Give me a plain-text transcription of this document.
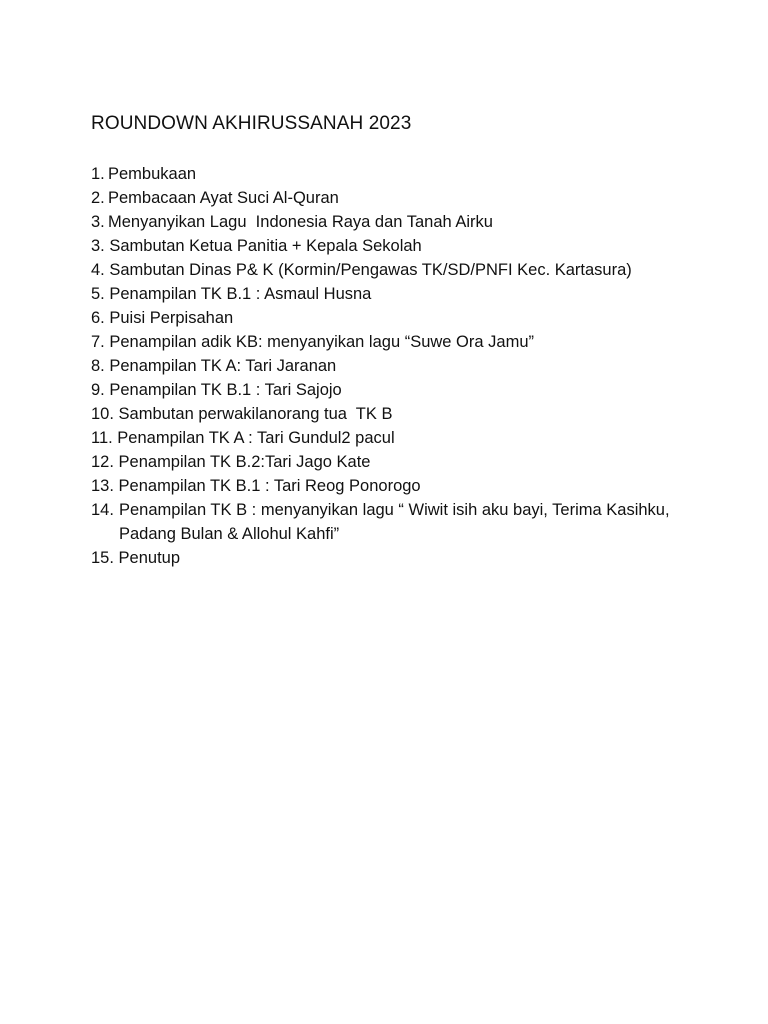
ROUNDOWN AKHIRUSSANAH 2023
1. Pembukaan
2. Pembacaan Ayat Suci Al-Quran
3. Menyanyikan Lagu  Indonesia Raya dan Tanah Airku
3. Sambutan Ketua Panitia + Kepala Sekolah
4. Sambutan Dinas P& K (Kormin/Pengawas TK/SD/PNFI Kec. Kartasura)
5. Penampilan TK B.1 : Asmaul Husna
6. Puisi Perpisahan
7. Penampilan adik KB: menyanyikan lagu “Suwe Ora Jamu”
8. Penampilan TK A: Tari Jaranan
9. Penampilan TK B.1 : Tari Sajojo
10. Sambutan perwakilanorang tua  TK B
11. Penampilan TK A : Tari Gundul2 pacul
12. Penampilan TK B.2:Tari Jago Kate
13. Penampilan TK B.1 : Tari Reog Ponorogo
14. Penampilan TK B : menyanyikan lagu “ Wiwit isih aku bayi, Terima Kasihku, Padang Bulan & Allohul Kahfi”
15. Penutup
